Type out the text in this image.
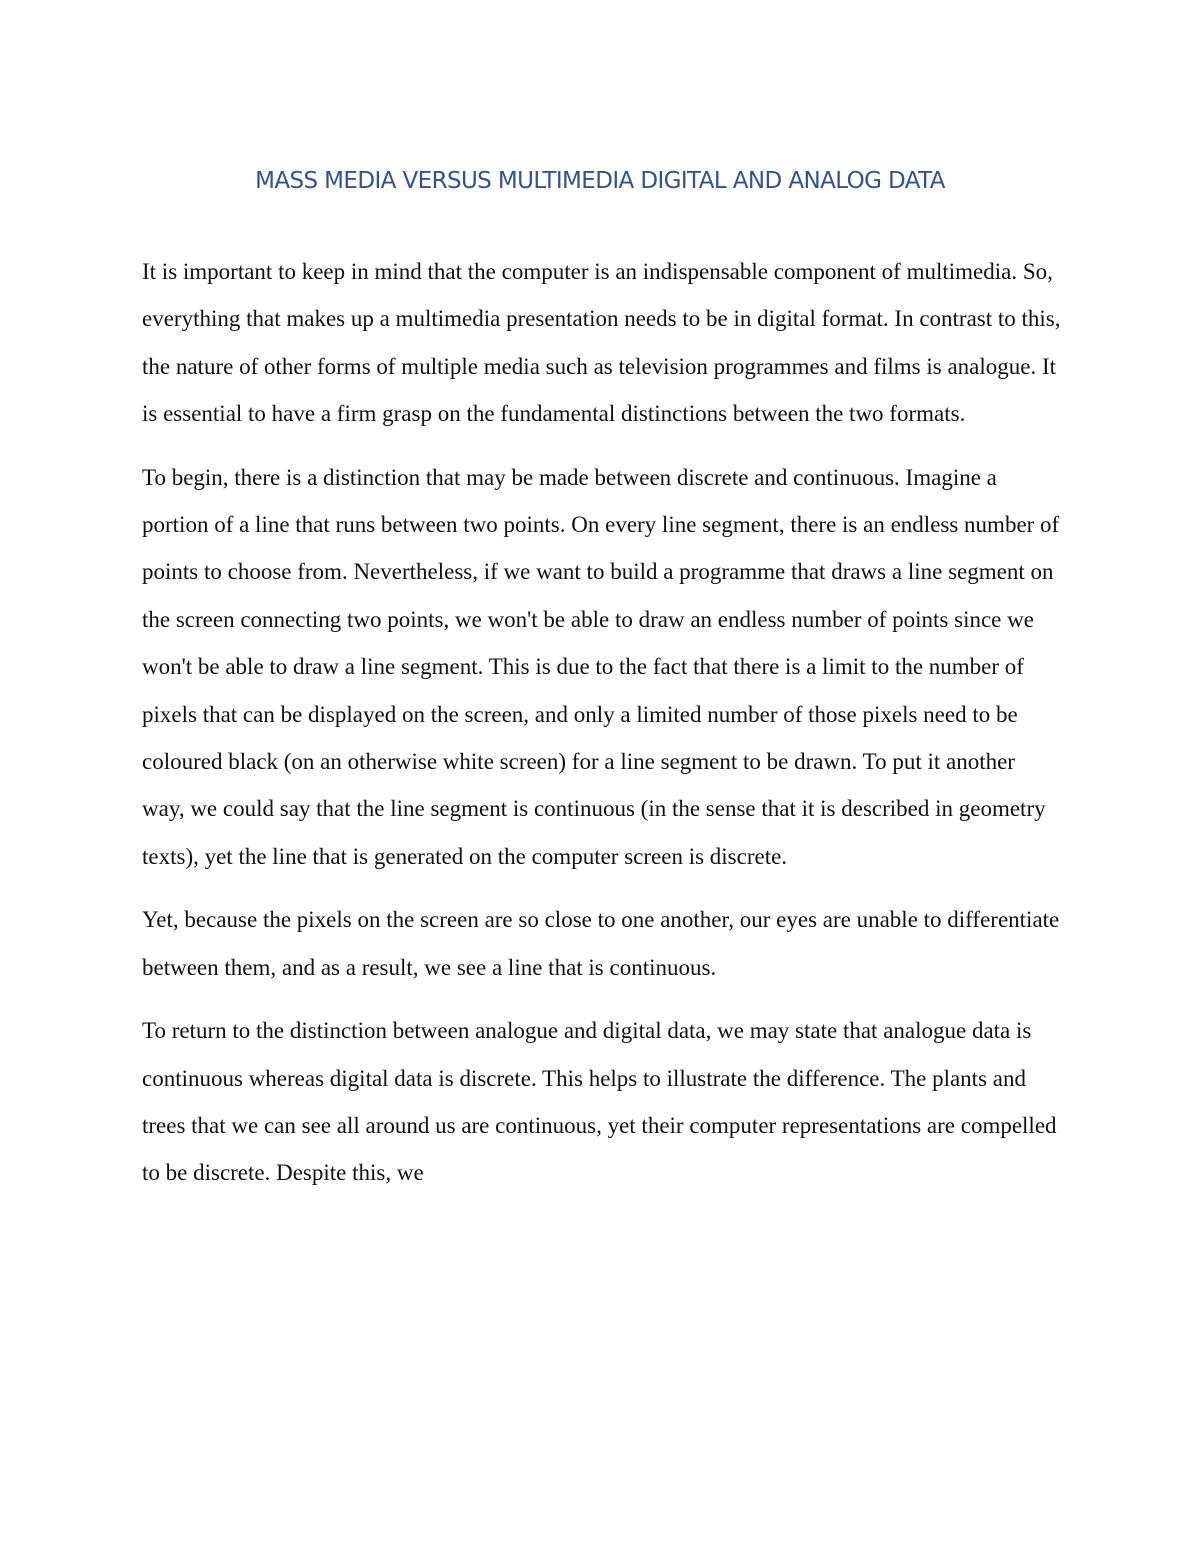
MASS MEDIA VERSUS MULTIMEDIA DIGITAL AND ANALOG DATA

It is important to keep in mind that the computer is an indispensable component of multimedia. So, everything that makes up a multimedia presentation needs to be in digital format. In contrast to this, the nature of other forms of multiple media such as television programmes and films is analogue. It is essential to have a firm grasp on the fundamental distinctions between the two formats.

To begin, there is a distinction that may be made between discrete and continuous. Imagine a portion of a line that runs between two points. On every line segment, there is an endless number of points to choose from. Nevertheless, if we want to build a programme that draws a line segment on the screen connecting two points, we won't be able to draw an endless number of points since we won't be able to draw a line segment. This is due to the fact that there is a limit to the number of pixels that can be displayed on the screen, and only a limited number of those pixels need to be coloured black (on an otherwise white screen) for a line segment to be drawn. To put it another way, we could say that the line segment is continuous (in the sense that it is described in geometry texts), yet the line that is generated on the computer screen is discrete.

Yet, because the pixels on the screen are so close to one another, our eyes are unable to differentiate between them, and as a result, we see a line that is continuous.

To return to the distinction between analogue and digital data, we may state that analogue data is continuous whereas digital data is discrete. This helps to illustrate the difference. The plants and trees that we can see all around us are continuous, yet their computer representations are compelled to be discrete. Despite this, we
